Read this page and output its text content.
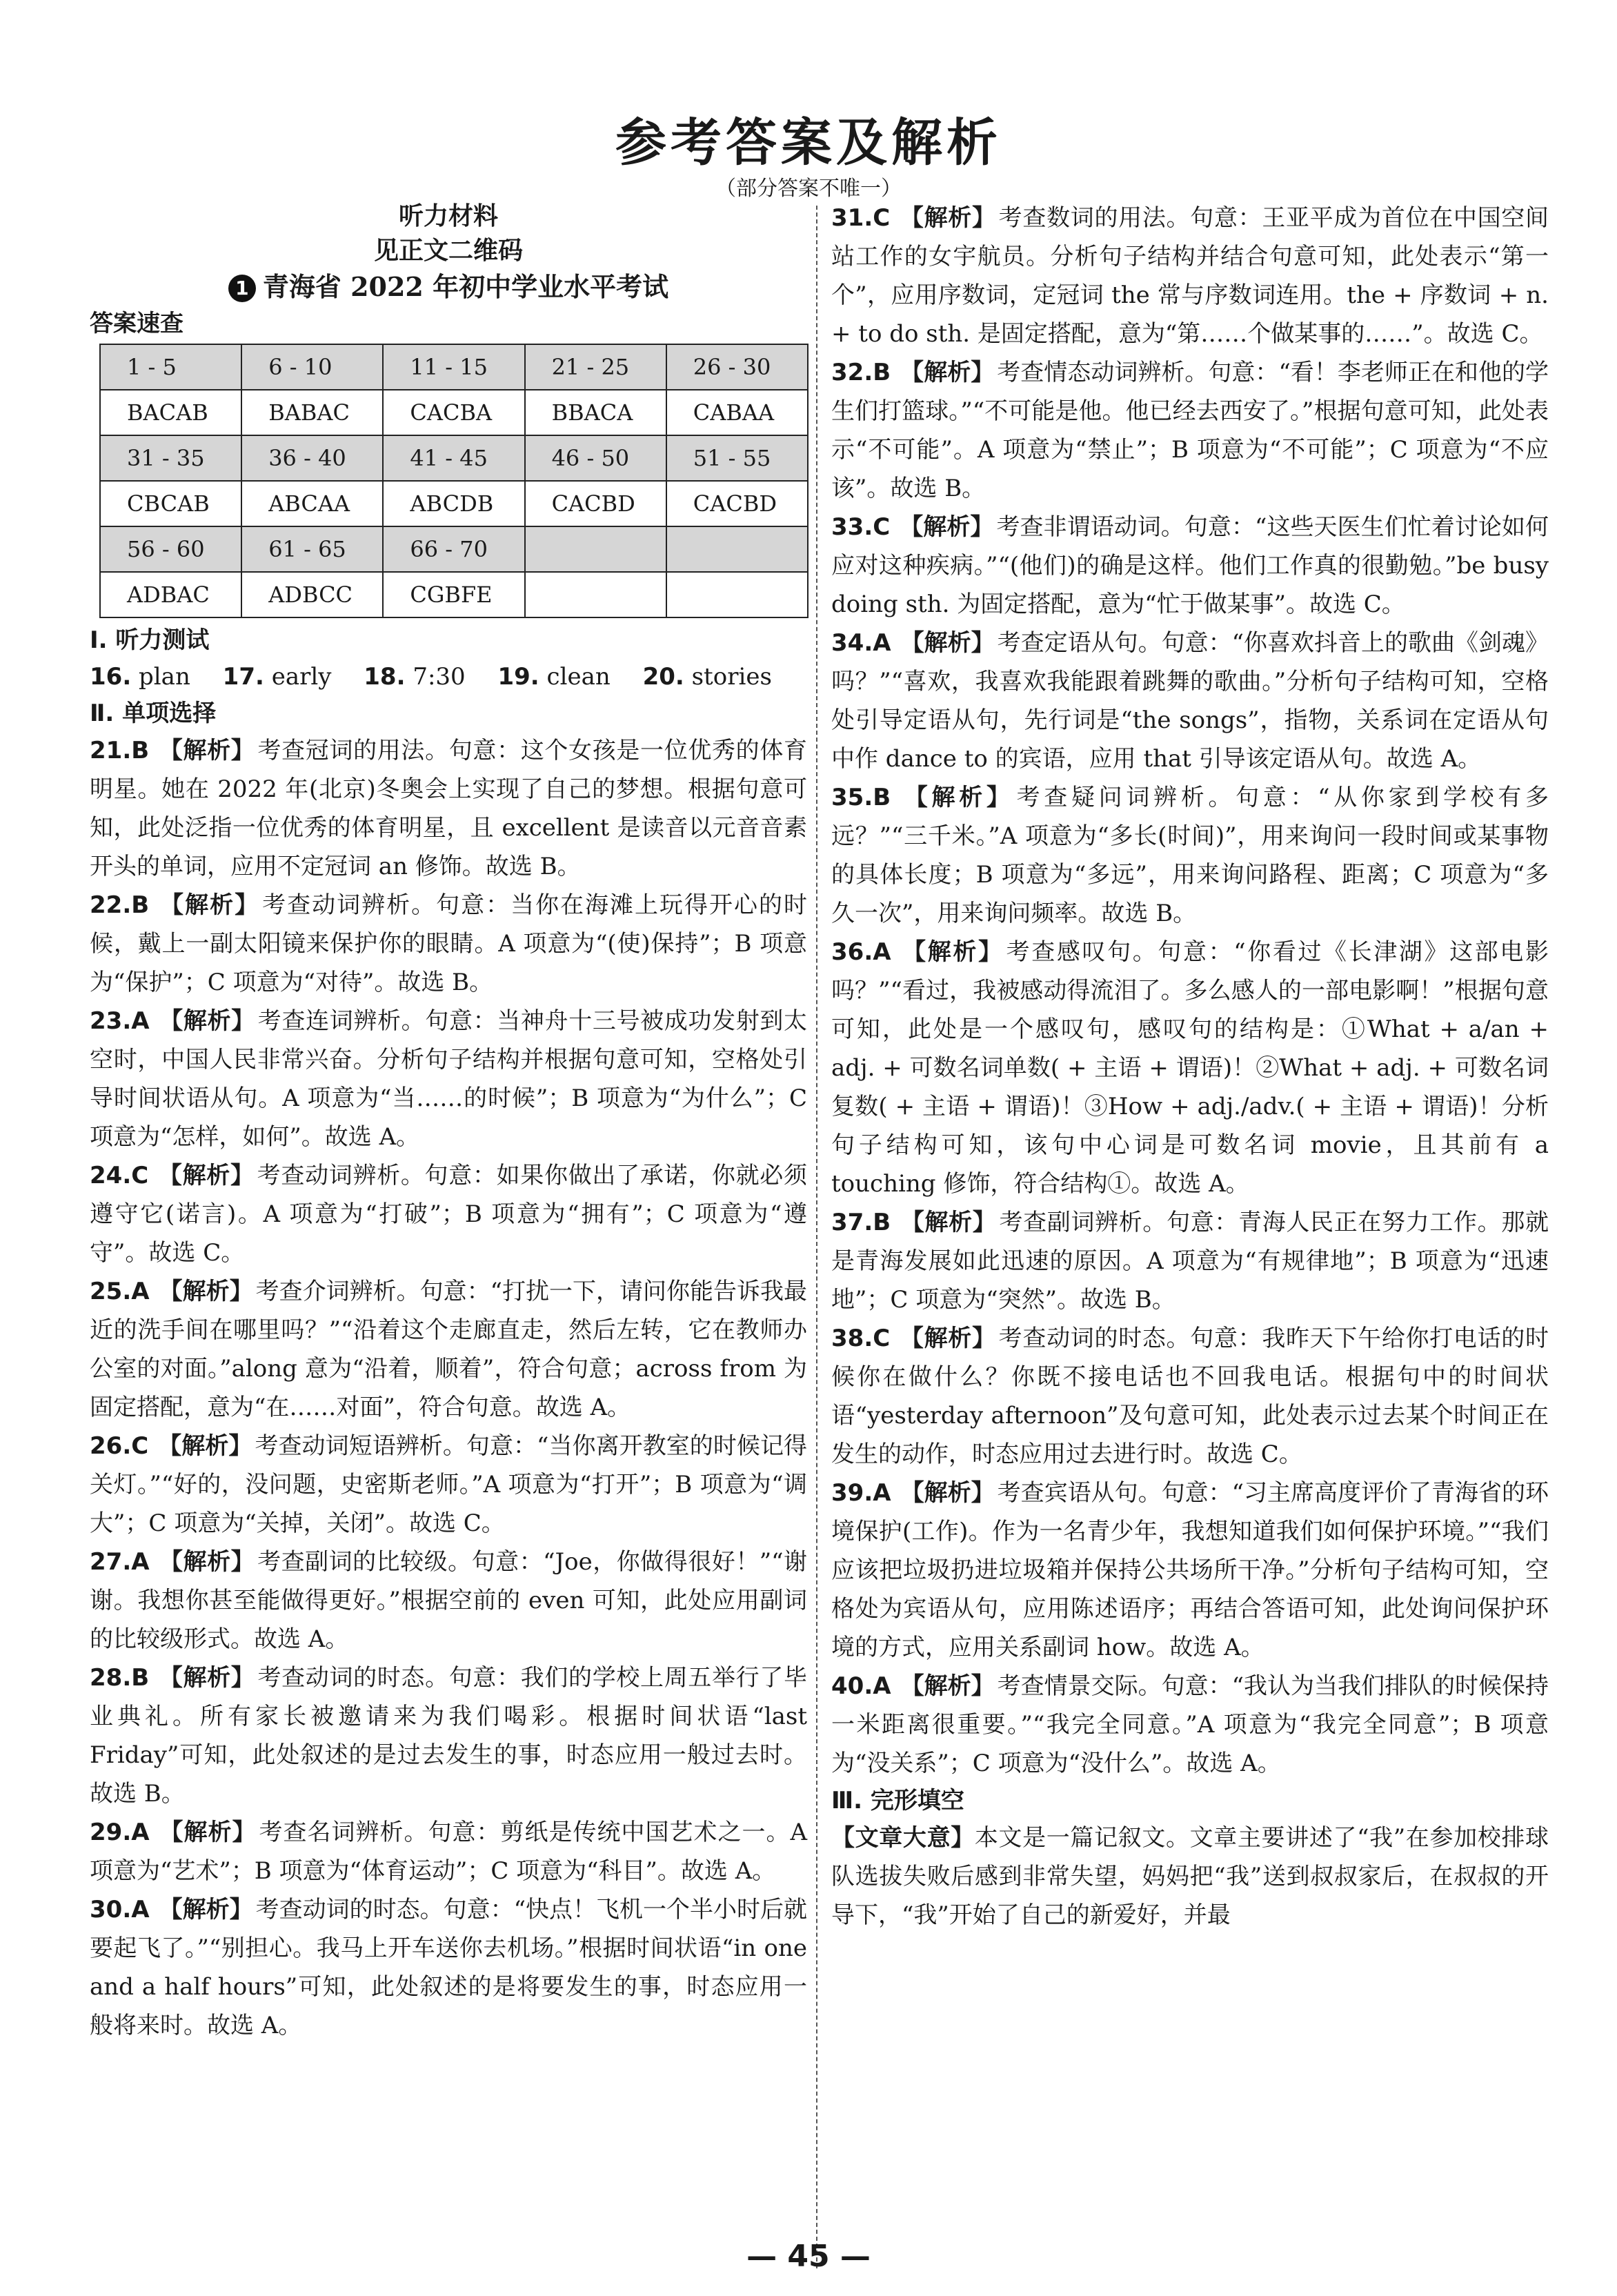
参考答案及解析
（部分答案不唯一）
听力材料
见正文二维码
1 青海省 2022 年初中学业水平考试
答案速查
1 - 5	6 - 10	11 - 15	21 - 25	26 - 30
BACAB	BABAC	CACBA	BBACA	CABAA
31 - 35	36 - 40	41 - 45	46 - 50	51 - 55
CBCAB	ABCAA	ABCDB	CACBD	CACBD
56 - 60	61 - 65	66 - 70		
ADBAC	ADBCC	CGBFE		
Ⅰ. 听力测试
16. plan 17. early 18. 7:30 19. clean 20. stories
Ⅱ. 单项选择
21.B 【解析】 考查冠词的用法。句意：这个女孩是一位优秀的体育明星。她在 2022 年(北京)冬奥会上实现了自己的梦想。根据句意可知，此处泛指一位优秀的体育明星，且 excellent 是读音以元音音素开头的单词，应用不定冠词 an 修饰。故选 B。
22.B 【解析】 考查动词辨析。句意：当你在海滩上玩得开心的时候，戴上一副太阳镜来保护你的眼睛。A 项意为“(使)保持”；B 项意为“保护”；C 项意为“对待”。故选 B。
23.A 【解析】 考查连词辨析。句意：当神舟十三号被成功发射到太空时，中国人民非常兴奋。分析句子结构并根据句意可知，空格处引导时间状语从句。A 项意为“当……的时候”；B 项意为“为什么”；C 项意为“怎样，如何”。故选 A。
24.C 【解析】 考查动词辨析。句意：如果你做出了承诺，你就必须遵守它(诺言)。A 项意为“打破”；B 项意为“拥有”；C 项意为“遵守”。故选 C。
25.A 【解析】 考查介词辨析。句意：“打扰一下，请问你能告诉我最近的洗手间在哪里吗？”“沿着这个走廊直走，然后左转，它在教师办公室的对面。”along 意为“沿着，顺着”，符合句意；across from 为固定搭配，意为“在……对面”，符合句意。故选 A。
26.C 【解析】 考查动词短语辨析。句意：“当你离开教室的时候记得关灯。”“好的，没问题，史密斯老师。”A 项意为“打开”；B 项意为“调大”；C 项意为“关掉，关闭”。故选 C。
27.A 【解析】 考查副词的比较级。句意：“Joe，你做得很好！”“谢谢。我想你甚至能做得更好。”根据空前的 even 可知，此处应用副词的比较级形式。故选 A。
28.B 【解析】 考查动词的时态。句意：我们的学校上周五举行了毕业典礼。所有家长被邀请来为我们喝彩。根据时间状语“last Friday”可知，此处叙述的是过去发生的事，时态应用一般过去时。故选 B。
29.A 【解析】 考查名词辨析。句意：剪纸是传统中国艺术之一。A 项意为“艺术”；B 项意为“体育运动”；C 项意为“科目”。故选 A。
30.A 【解析】 考查动词的时态。句意：“快点！飞机一个半小时后就要起飞了。”“别担心。我马上开车送你去机场。”根据时间状语“in one and a half hours”可知，此处叙述的是将要发生的事，时态应用一般将来时。故选 A。
31.C 【解析】 考查数词的用法。句意：王亚平成为首位在中国空间站工作的女宇航员。分析句子结构并结合句意可知，此处表示“第一个”，应用序数词，定冠词 the 常与序数词连用。the + 序数词 + n. + to do sth. 是固定搭配，意为“第……个做某事的……”。故选 C。
32.B 【解析】 考查情态动词辨析。句意：“看！李老师正在和他的学生们打篮球。”“不可能是他。他已经去西安了。”根据句意可知，此处表示“不可能”。A 项意为“禁止”；B 项意为“不可能”；C 项意为“不应该”。故选 B。
33.C 【解析】 考查非谓语动词。句意：“这些天医生们忙着讨论如何应对这种疾病。”“(他们)的确是这样。他们工作真的很勤勉。”be busy doing sth. 为固定搭配，意为“忙于做某事”。故选 C。
34.A 【解析】 考查定语从句。句意：“你喜欢抖音上的歌曲《剑魂》吗？”“喜欢，我喜欢我能跟着跳舞的歌曲。”分析句子结构可知，空格处引导定语从句，先行词是“the songs”，指物，关系词在定语从句中作 dance to 的宾语，应用 that 引导该定语从句。故选 A。
35.B 【解析】 考查疑问词辨析。句意：“从你家到学校有多远？”“三千米。”A 项意为“多长(时间)”，用来询问一段时间或某事物的具体长度；B 项意为“多远”，用来询问路程、距离；C 项意为“多久一次”，用来询问频率。故选 B。
36.A 【解析】 考查感叹句。句意：“你看过《长津湖》这部电影吗？”“看过，我被感动得流泪了。多么感人的一部电影啊！”根据句意可知，此处是一个感叹句，感叹句的结构是：①What + a/an + adj. + 可数名词单数( + 主语 + 谓语)！②What + adj. + 可数名词复数( + 主语 + 谓语)！③How + adj./adv.( + 主语 + 谓语)！分析句子结构可知，该句中心词是可数名词 movie，且其前有 a touching 修饰，符合结构①。故选 A。
37.B 【解析】 考查副词辨析。句意：青海人民正在努力工作。那就是青海发展如此迅速的原因。A 项意为“有规律地”；B 项意为“迅速地”；C 项意为“突然”。故选 B。
38.C 【解析】 考查动词的时态。句意：我昨天下午给你打电话的时候你在做什么？你既不接电话也不回我电话。根据句中的时间状语“yesterday afternoon”及句意可知，此处表示过去某个时间正在发生的动作，时态应用过去进行时。故选 C。
39.A 【解析】 考查宾语从句。句意：“习主席高度评价了青海省的环境保护(工作)。作为一名青少年，我想知道我们如何保护环境。”“我们应该把垃圾扔进垃圾箱并保持公共场所干净。”分析句子结构可知，空格处为宾语从句，应用陈述语序；再结合答语可知，此处询问保护环境的方式，应用关系副词 how。故选 A。
40.A 【解析】 考查情景交际。句意：“我认为当我们排队的时候保持一米距离很重要。”“我完全同意。”A 项意为“我完全同意”；B 项意为“没关系”；C 项意为“没什么”。故选 A。
Ⅲ. 完形填空
【文章大意】本文是一篇记叙文。文章主要讲述了“我”在参加校排球队选拔失败后感到非常失望，妈妈把“我”送到叔叔家后，在叔叔的开导下，“我”开始了自己的新爱好，并最
— 45 —
